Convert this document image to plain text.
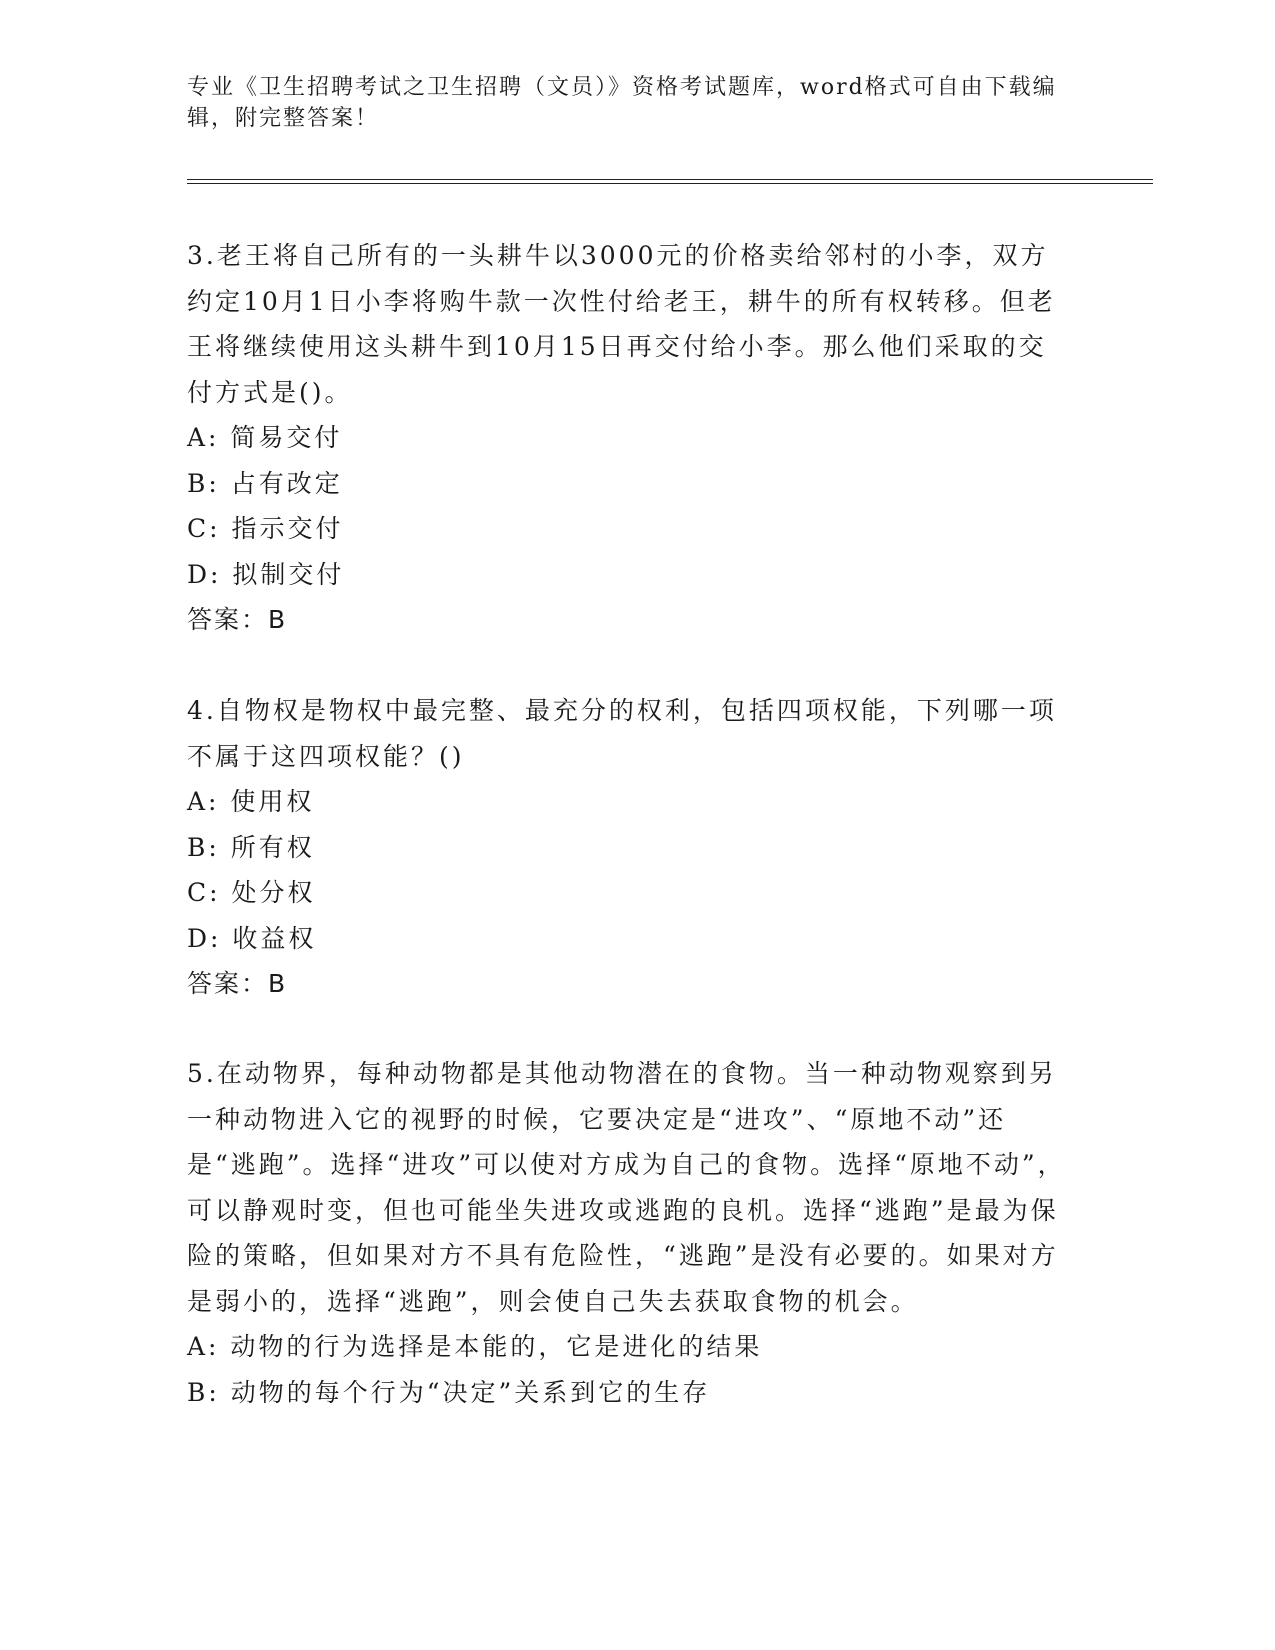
专业《卫生招聘考试之卫生招聘（文员）》资格考试题库，word格式可自由下载编辑，附完整答案！
3.老王将自己所有的一头耕牛以3000元的价格卖给邻村的小李，双方约定10月1日小李将购牛款一次性付给老王，耕牛的所有权转移。但老王将继续使用这头耕牛到10月15日再交付给小李。那么他们采取的交付方式是()。
A: 简易交付
B: 占有改定
C: 指示交付
D: 拟制交付
答案：B
4.自物权是物权中最完整、最充分的权利，包括四项权能，下列哪一项不属于这四项权能？()
A: 使用权
B: 所有权
C: 处分权
D: 收益权
答案：B
5.在动物界，每种动物都是其他动物潜在的食物。当一种动物观察到另一种动物进入它的视野的时候，它要决定是“进攻”、“原地不动”还是“逃跑”。选择“进攻”可以使对方成为自己的食物。选择“原地不动”，可以静观时变，但也可能坐失进攻或逃跑的良机。选择“逃跑”是最为保险的策略，但如果对方不具有危险性，“逃跑”是没有必要的。如果对方是弱小的，选择“逃跑”，则会使自己失去获取食物的机会。
A: 动物的行为选择是本能的，它是进化的结果
B: 动物的每个行为“决定”关系到它的生存
